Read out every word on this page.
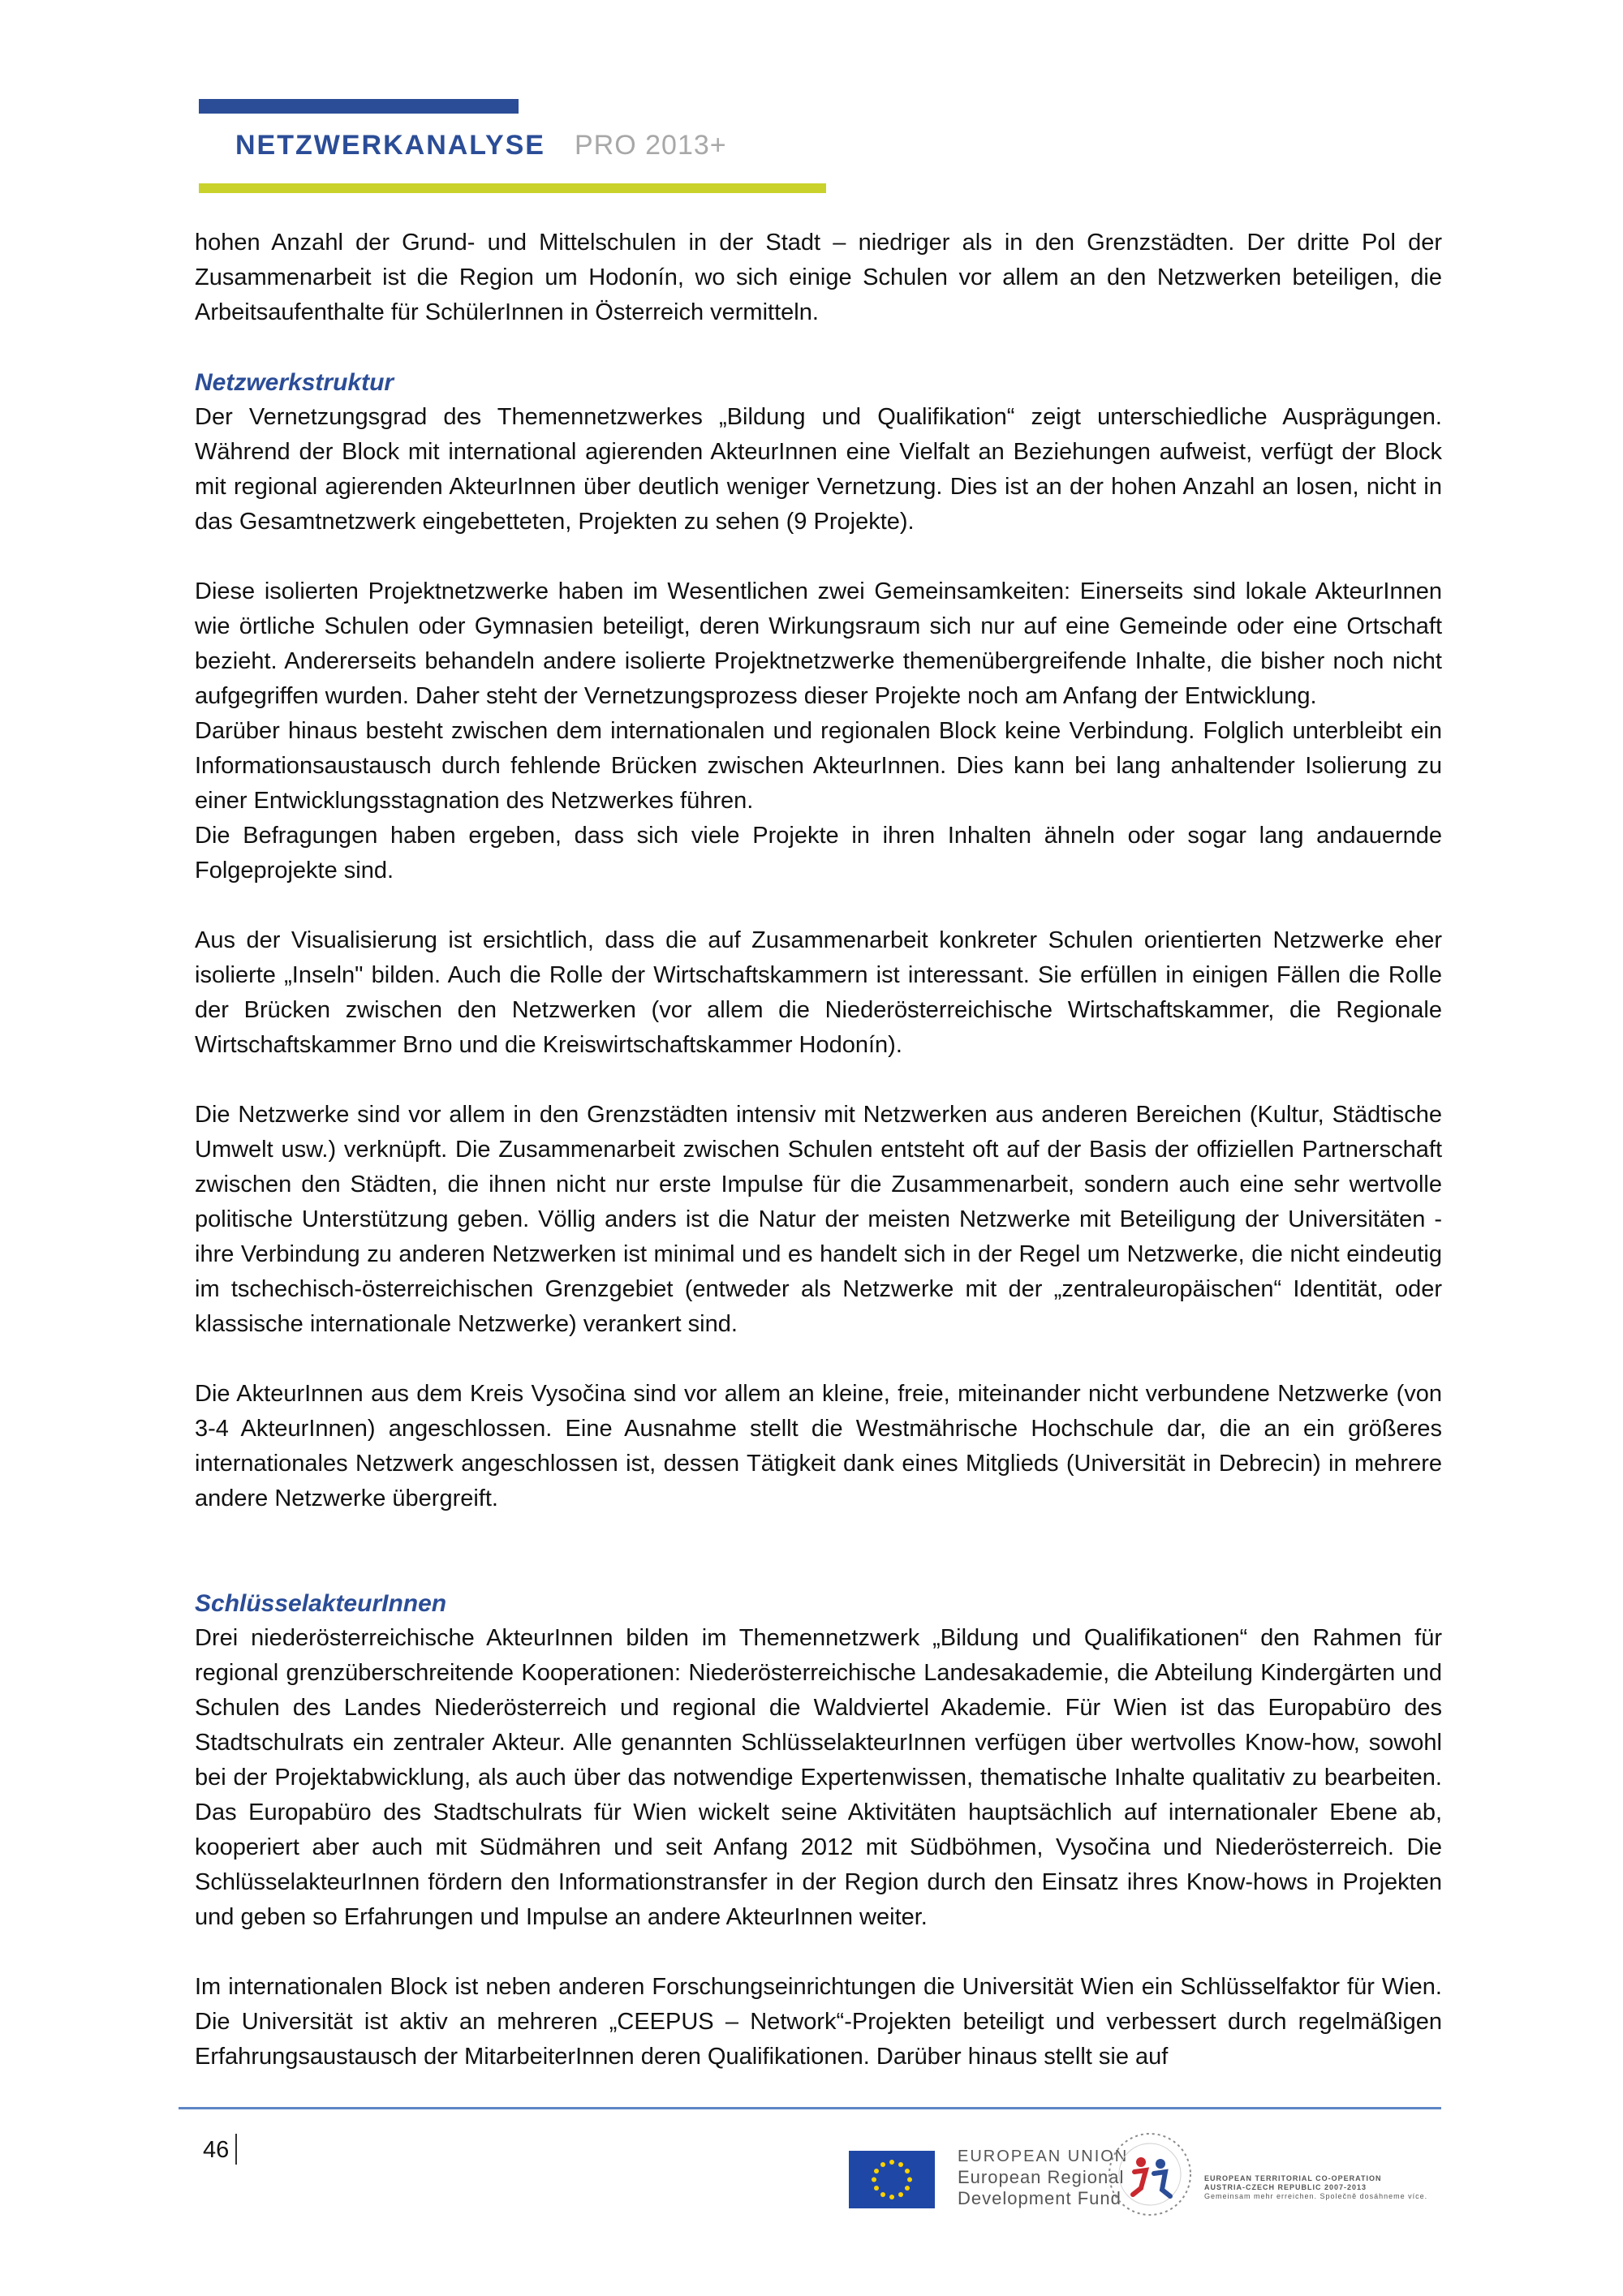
NETZWERKANALYSE PRO 2013+

hohen Anzahl der Grund- und Mittelschulen in der Stadt – niedriger als in den Grenzstädten. Der dritte Pol der Zusammenarbeit ist die Region um Hodonín, wo sich einige Schulen vor allem an den Netzwerken beteiligen, die Arbeitsaufenthalte für SchülerInnen in Österreich vermitteln.

Netzwerkstruktur

Der Vernetzungsgrad des Themennetzwerkes „Bildung und Qualifikation“ zeigt unterschiedliche Ausprägungen. Während der Block mit international agierenden AkteurInnen eine Vielfalt an Beziehungen aufweist, verfügt der Block mit regional agierenden AkteurInnen über deutlich weniger Vernetzung. Dies ist an der hohen Anzahl an losen, nicht in das Gesamtnetzwerk eingebetteten, Projekten zu sehen (9 Projekte).

Diese isolierten Projektnetzwerke haben im Wesentlichen zwei Gemeinsamkeiten: Einerseits sind lokale AkteurInnen wie örtliche Schulen oder Gymnasien beteiligt, deren Wirkungsraum sich nur auf eine Gemeinde oder eine Ortschaft bezieht. Andererseits behandeln andere isolierte Projektnetzwerke themenübergreifende Inhalte, die bisher noch nicht aufgegriffen wurden. Daher steht der Vernetzungsprozess dieser Projekte noch am Anfang der Entwicklung.

Darüber hinaus besteht zwischen dem internationalen und regionalen Block keine Verbindung. Folglich unterbleibt ein Informationsaustausch durch fehlende Brücken zwischen AkteurInnen. Dies kann bei lang anhaltender Isolierung zu einer Entwicklungsstagnation des Netzwerkes führen.

Die Befragungen haben ergeben, dass sich viele Projekte in ihren Inhalten ähneln oder sogar lang andauernde Folgeprojekte sind.

Aus der Visualisierung ist ersichtlich, dass die auf Zusammenarbeit konkreter Schulen orientierten Netzwerke eher isolierte „Inseln" bilden. Auch die Rolle der Wirtschaftskammern ist interessant. Sie erfüllen in einigen Fällen die Rolle der Brücken zwischen den Netzwerken (vor allem die Niederösterreichische Wirtschaftskammer, die Regionale Wirtschaftskammer Brno und die Kreiswirtschaftskammer Hodonín).

Die Netzwerke sind vor allem in den Grenzstädten intensiv mit Netzwerken aus anderen Bereichen (Kultur, Städtische Umwelt usw.) verknüpft. Die Zusammenarbeit zwischen Schulen entsteht oft auf der Basis der offiziellen Partnerschaft zwischen den Städten, die ihnen nicht nur erste Impulse für die Zusammenarbeit, sondern auch eine sehr wertvolle politische Unterstützung geben. Völlig anders ist die Natur der meisten Netzwerke mit Beteiligung der Universitäten - ihre Verbindung zu anderen Netzwerken ist minimal und es handelt sich in der Regel um Netzwerke, die nicht eindeutig im tschechisch-österreichischen Grenzgebiet (entweder als Netzwerke mit der „zentraleuropäischen“ Identität, oder klassische internationale Netzwerke) verankert sind.

Die AkteurInnen aus dem Kreis Vysočina sind vor allem an kleine, freie, miteinander nicht verbundene Netzwerke (von 3-4 AkteurInnen) angeschlossen. Eine Ausnahme stellt die Westmährische Hochschule dar, die an ein größeres internationales Netzwerk angeschlossen ist, dessen Tätigkeit dank eines Mitglieds (Universität in Debrecin) in mehrere andere Netzwerke übergreift.

SchlüsselakteurInnen

Drei niederösterreichische AkteurInnen bilden im Themennetzwerk „Bildung und Qualifikationen“ den Rahmen für regional grenzüberschreitende Kooperationen: Niederösterreichische Landesakademie, die Abteilung Kindergärten und Schulen des Landes Niederösterreich und regional die Waldviertel Akademie. Für Wien ist das Europabüro des Stadtschulrats ein zentraler Akteur. Alle genannten SchlüsselakteurInnen verfügen über wertvolles Know-how, sowohl bei der Projektabwicklung, als auch über das notwendige Expertenwissen, thematische Inhalte qualitativ zu bearbeiten. Das Europabüro des Stadtschulrats für Wien wickelt seine Aktivitäten hauptsächlich auf internationaler Ebene ab, kooperiert aber auch mit Südmähren und seit Anfang 2012 mit Südböhmen, Vysočina und Niederösterreich. Die SchlüsselakteurInnen fördern den Informationstransfer in der Region durch den Einsatz ihres Know-hows in Projekten und geben so Erfahrungen und Impulse an andere AkteurInnen weiter.

Im internationalen Block ist neben anderen Forschungseinrichtungen die Universität Wien ein Schlüsselfaktor für Wien. Die Universität ist aktiv an mehreren „CEEPUS – Network“-Projekten beteiligt und verbessert durch regelmäßigen Erfahrungsaustausch der MitarbeiterInnen deren Qualifikationen. Darüber hinaus stellt sie auf

46	EUROPEAN UNION
European Regional
Development Fund
EUROPEAN TERRITORIAL CO-OPERATION
AUSTRIA-CZECH REPUBLIC 2007-2013
Gemeinsam mehr erreichen. Společně dosáhneme více.
